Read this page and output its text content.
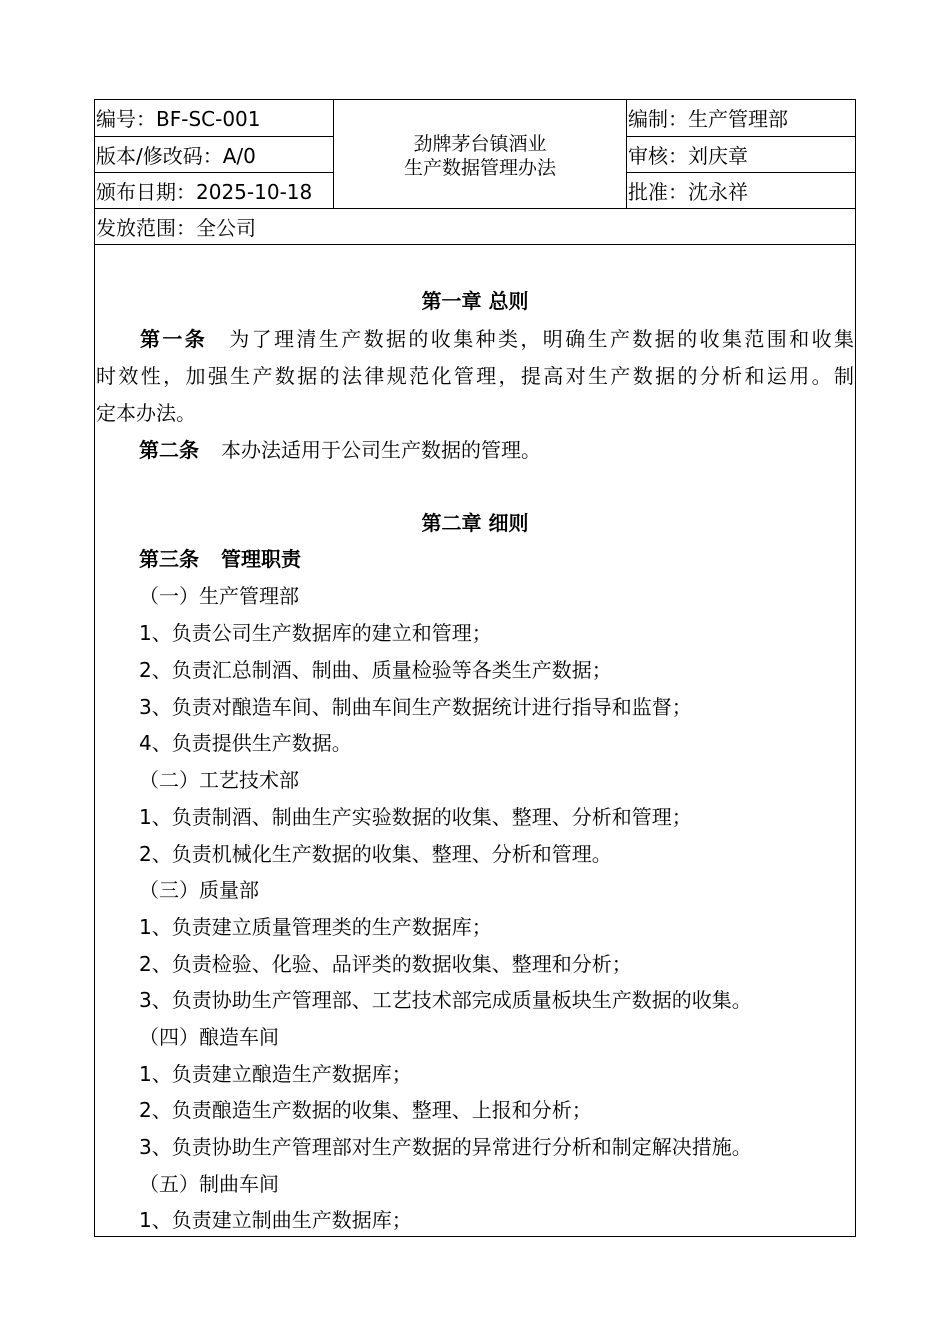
编号：BF-SC-001
版本/修改码：A/0
颁布日期：2025-10-18
劲牌茅台镇酒业
生产数据管理办法
编制：生产管理部
审核：刘庆章
批准：沈永祥
发放范围：全公司
第一章 总则
第一条 为了理清生产数据的收集种类，明确生产数据的收集范围和收集
时效性，加强生产数据的法律规范化管理，提高对生产数据的分析和运用。制
定本办法。
第二条 本办法适用于公司生产数据的管理。
第二章 细则
第三条 管理职责
（一）生产管理部
1、负责公司生产数据库的建立和管理；
2、负责汇总制酒、制曲、质量检验等各类生产数据；
3、负责对酿造车间、制曲车间生产数据统计进行指导和监督；
4、负责提供生产数据。
（二）工艺技术部
1、负责制酒、制曲生产实验数据的收集、整理、分析和管理；
2、负责机械化生产数据的收集、整理、分析和管理。
（三）质量部
1、负责建立质量管理类的生产数据库；
2、负责检验、化验、品评类的数据收集、整理和分析；
3、负责协助生产管理部、工艺技术部完成质量板块生产数据的收集。
（四）酿造车间
1、负责建立酿造生产数据库；
2、负责酿造生产数据的收集、整理、上报和分析；
3、负责协助生产管理部对生产数据的异常进行分析和制定解决措施。
（五）制曲车间
1、负责建立制曲生产数据库；
